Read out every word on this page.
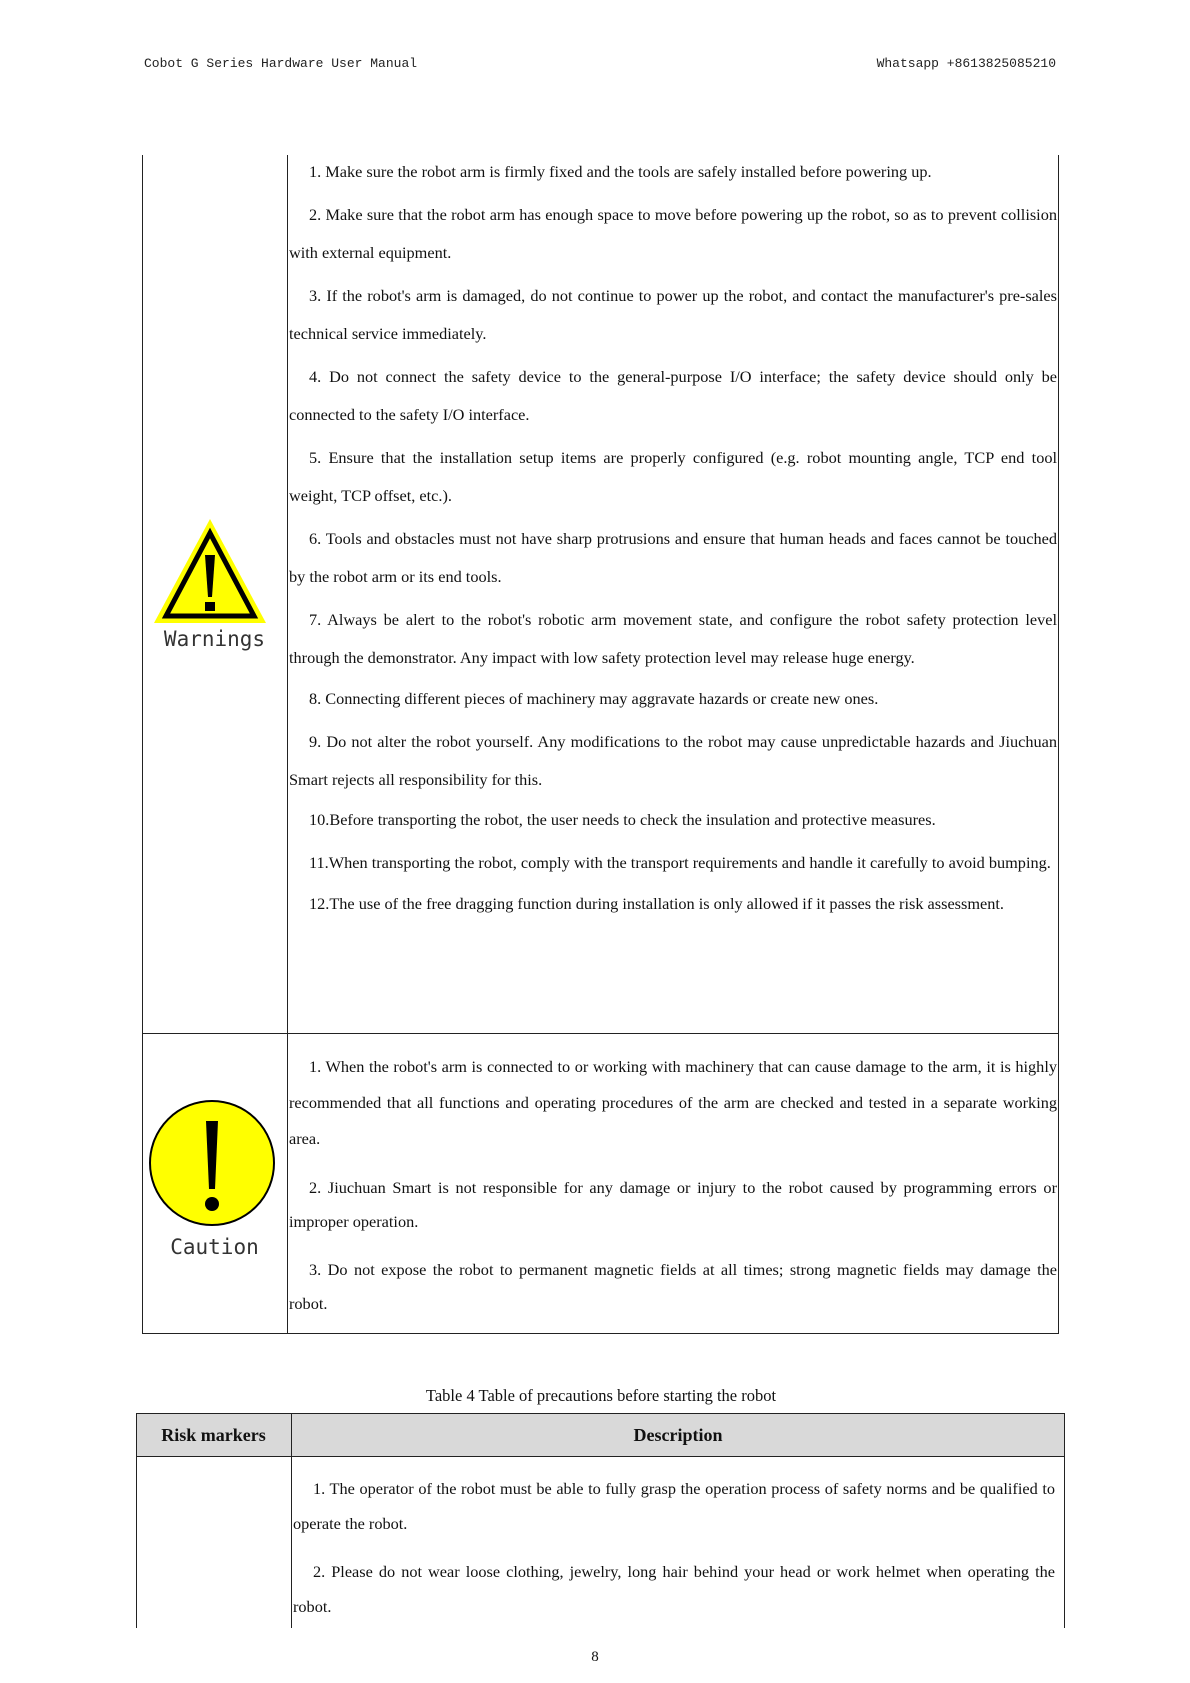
Cobot G Series Hardware User Manual	Whatsapp +8613825085210
Warnings

1. Make sure the robot arm is firmly fixed and the tools are safely installed before powering up.

2. Make sure that the robot arm has enough space to move before powering up the robot, so as to prevent collision with external equipment.

3. If the robot's arm is damaged, do not continue to power up the robot, and contact the manufacturer's pre-sales technical service immediately.

4. Do not connect the safety device to the general-purpose I/O interface; the safety device should only be connected to the safety I/O interface.

5. Ensure that the installation setup items are properly configured (e.g. robot mounting angle, TCP end tool weight, TCP offset, etc.).

6. Tools and obstacles must not have sharp protrusions and ensure that human heads and faces cannot be touched by the robot arm or its end tools.

7. Always be alert to the robot's robotic arm movement state, and configure the robot safety protection level through the demonstrator. Any impact with low safety protection level may release huge energy.

8. Connecting different pieces of machinery may aggravate hazards or create new ones.

9. Do not alter the robot yourself. Any modifications to the robot may cause unpredictable hazards and Jiuchuan Smart rejects all responsibility for this.

10.Before transporting the robot, the user needs to check the insulation and protective measures.

11.When transporting the robot, comply with the transport requirements and handle it carefully to avoid bumping.

12.The use of the free dragging function during installation is only allowed if it passes the risk assessment.

Caution

1. When the robot's arm is connected to or working with machinery that can cause damage to the arm, it is highly recommended that all functions and operating procedures of the arm are checked and tested in a separate working area.

2. Jiuchuan Smart is not responsible for any damage or injury to the robot caused by programming errors or improper operation.

3. Do not expose the robot to permanent magnetic fields at all times; strong magnetic fields may damage the robot.

Table 4 Table of precautions before starting the robot
Risk markers	Description

1. The operator of the robot must be able to fully grasp the operation process of safety norms and be qualified to operate the robot.

2. Please do not wear loose clothing, jewelry, long hair behind your head or work helmet when operating the robot.

8
